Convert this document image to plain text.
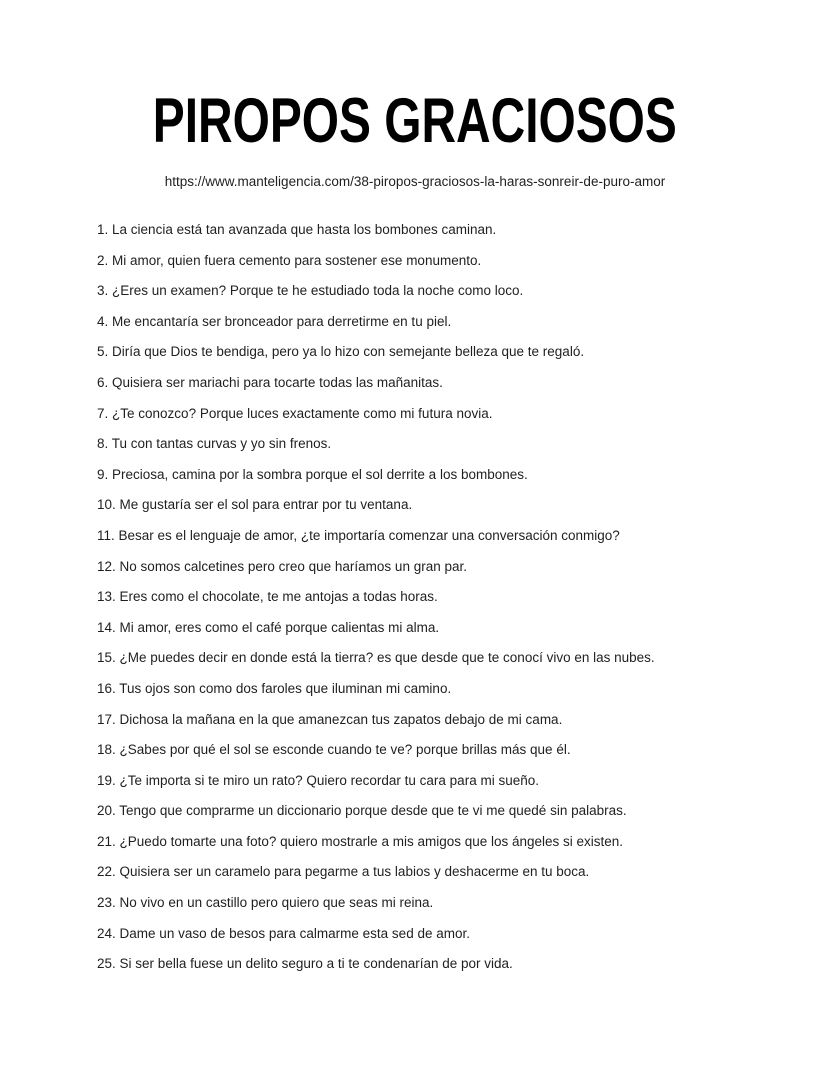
PIROPOS GRACIOSOS
https://www.manteligencia.com/38-piropos-graciosos-la-haras-sonreir-de-puro-amor
1. La ciencia está tan avanzada que hasta los bombones caminan.
2. Mi amor, quien fuera cemento para sostener ese monumento.
3. ¿Eres un examen? Porque te he estudiado toda la noche como loco.
4. Me encantaría ser bronceador para derretirme en tu piel.
5. Diría que Dios te bendiga, pero ya lo hizo con semejante belleza que te regaló.
6. Quisiera ser mariachi para tocarte todas las mañanitas.
7. ¿Te conozco? Porque luces exactamente como mi futura novia.
8. Tu con tantas curvas y yo sin frenos.
9. Preciosa, camina por la sombra porque el sol derrite a los bombones.
10. Me gustaría ser el sol para entrar por tu ventana.
11. Besar es el lenguaje de amor, ¿te importaría comenzar una conversación conmigo?
12. No somos calcetines pero creo que haríamos un gran par.
13. Eres como el chocolate, te me antojas a todas horas.
14. Mi amor, eres como el café porque calientas mi alma.
15. ¿Me puedes decir en donde está la tierra? es que desde que te conocí vivo en las nubes.
16. Tus ojos son como dos faroles que iluminan mi camino.
17. Dichosa la mañana en la que amanezcan tus zapatos debajo de mi cama.
18. ¿Sabes por qué el sol se esconde cuando te ve? porque brillas más que él.
19. ¿Te importa si te miro un rato? Quiero recordar tu cara para mi sueño.
20. Tengo que comprarme un diccionario porque desde que te vi me quedé sin palabras.
21. ¿Puedo tomarte una foto? quiero mostrarle a mis amigos que los ángeles si existen.
22. Quisiera ser un caramelo para pegarme a tus labios y deshacerme en tu boca.
23. No vivo en un castillo pero quiero que seas mi reina.
24. Dame un vaso de besos para calmarme esta sed de amor.
25. Si ser bella fuese un delito seguro a ti te condenarían de por vida.
